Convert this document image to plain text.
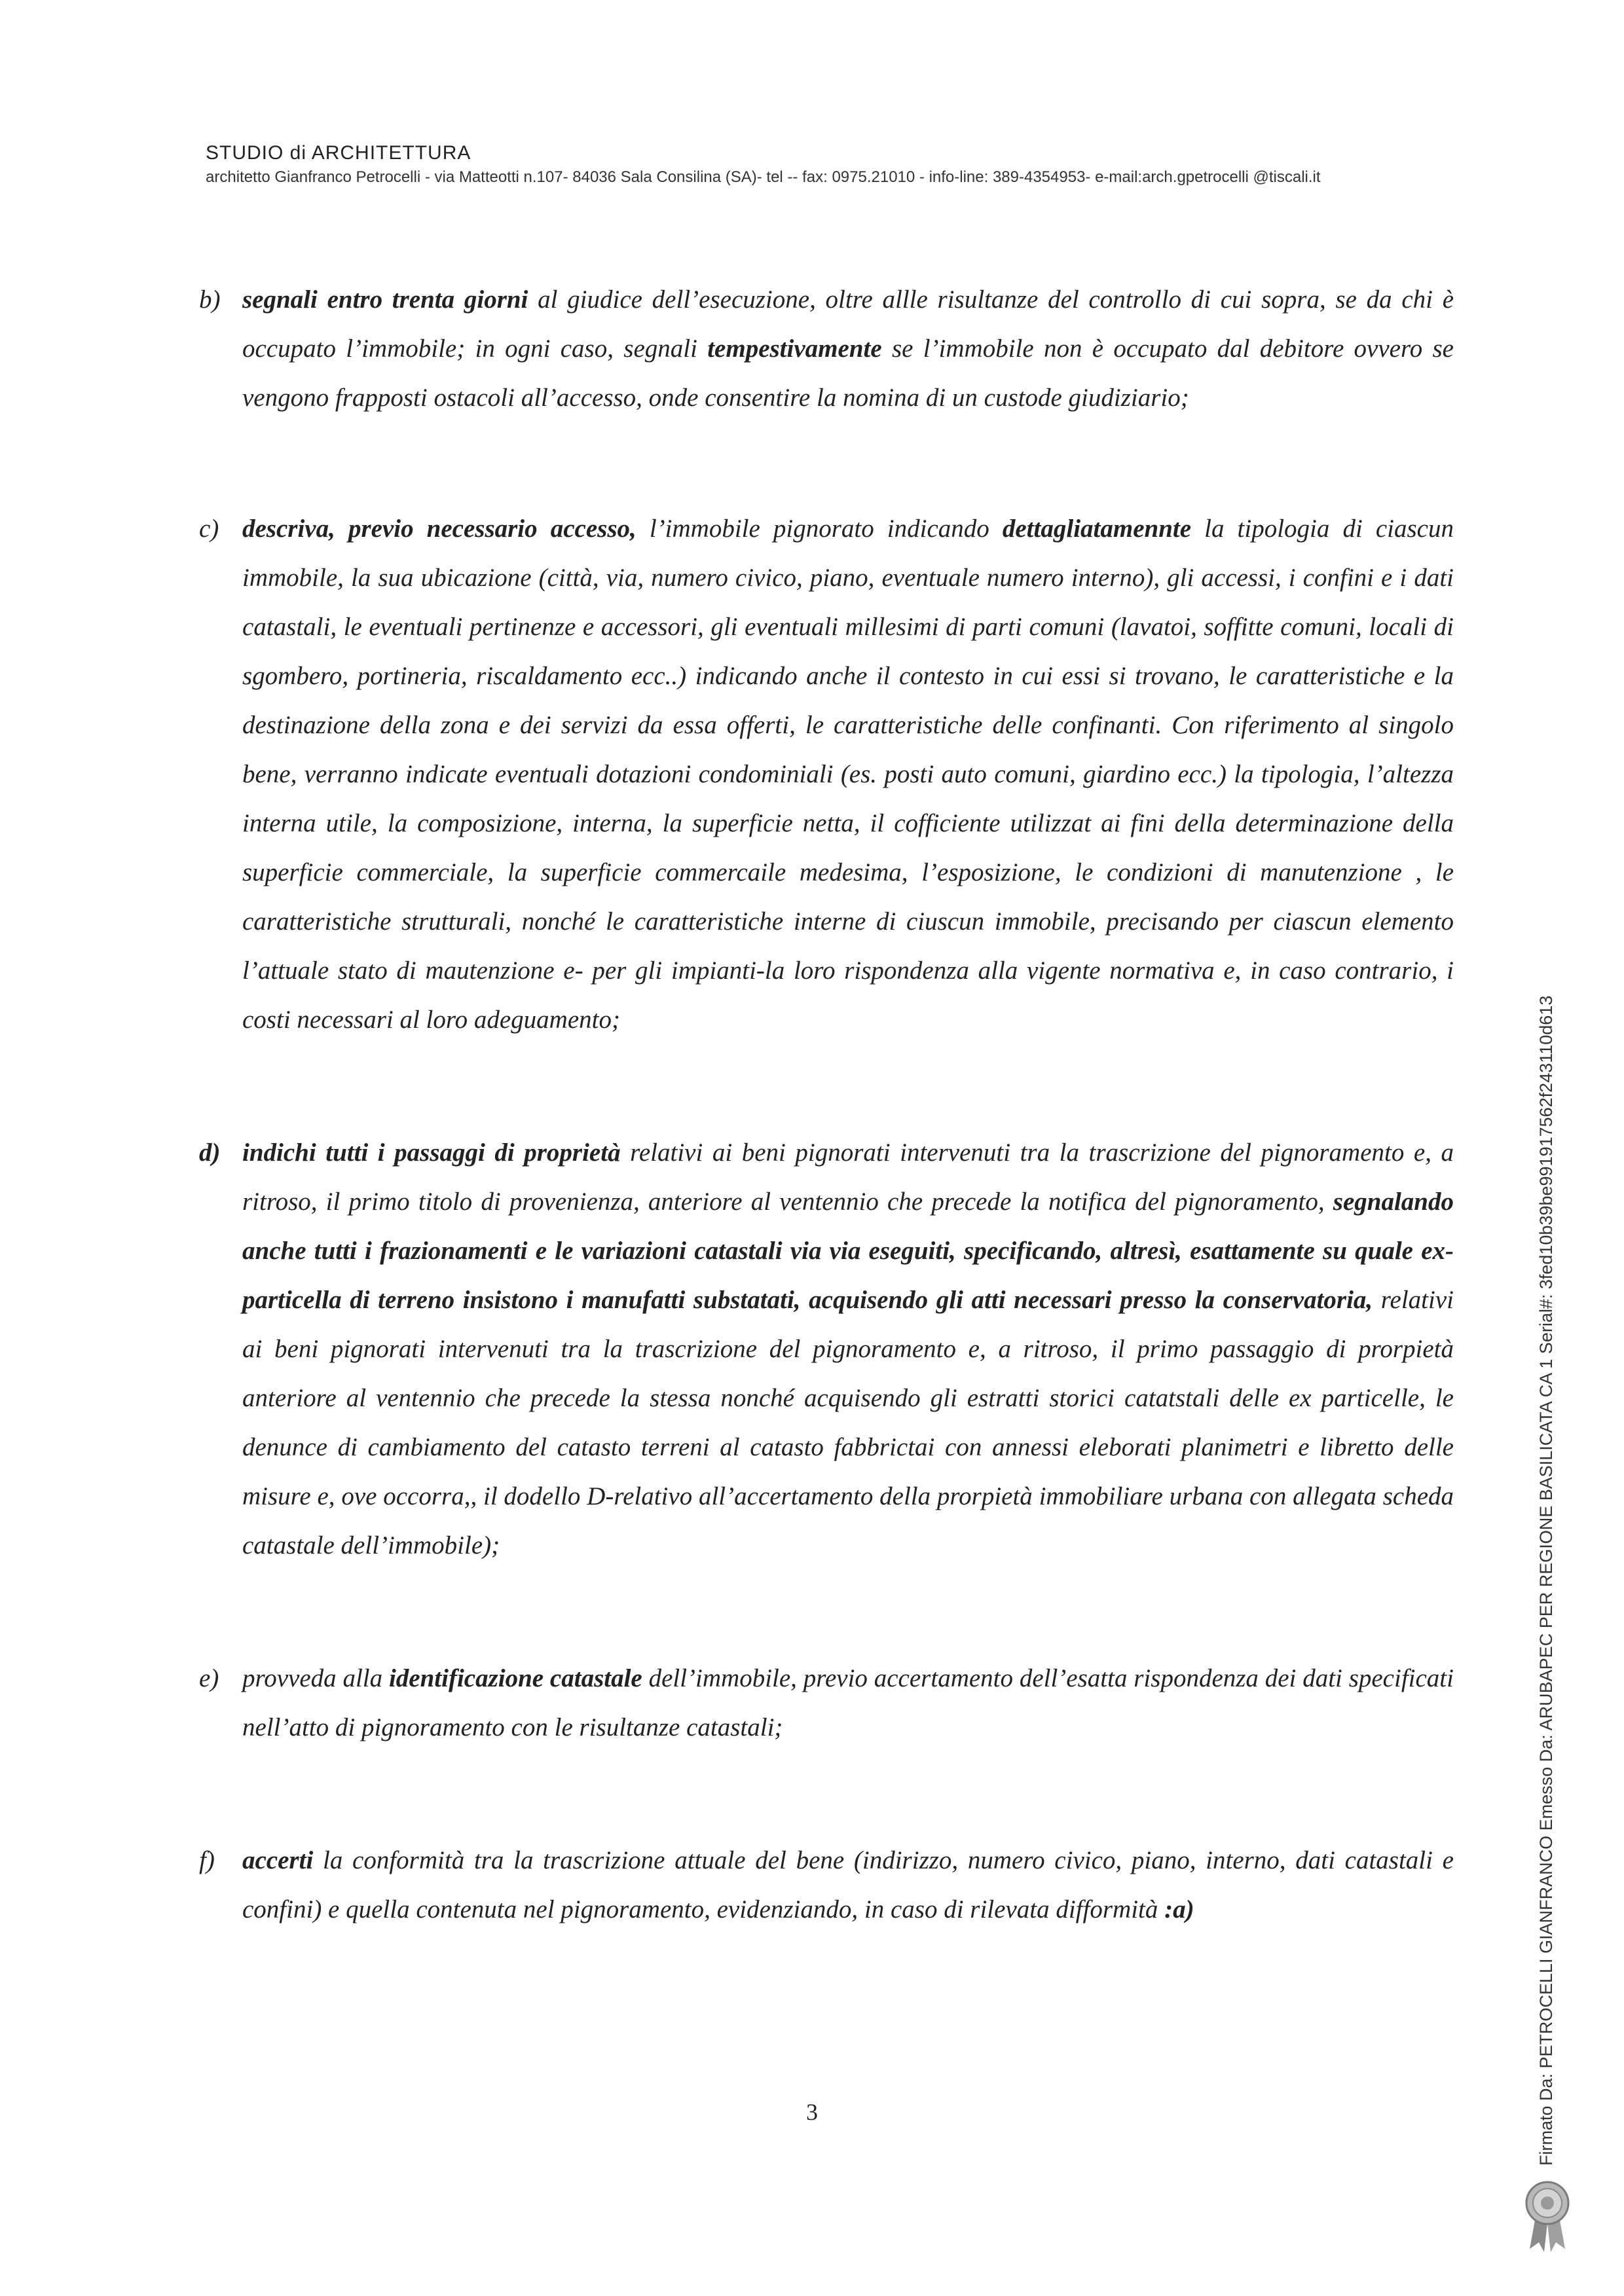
STUDIO di ARCHITETTURA
architetto Gianfranco Petrocelli - via Matteotti n.107- 84036 Sala Consilina (SA)- tel -- fax: 0975.21010 - info-line: 389-4354953- e-mail:arch.gpetrocelli @tiscali.it

b) segnali entro trenta giorni al giudice dell’esecuzione, oltre allle risultanze del controllo di cui sopra, se da chi è occupato l’immobile; in ogni caso, segnali tempestivamente se l’immobile non è occupato dal debitore ovvero se vengono frapposti ostacoli all’accesso, onde consentire la nomina di un custode giudiziario;

c) descriva, previo necessario accesso, l’immobile pignorato indicando dettagliatamennte la tipologia di ciascun immobile, la sua ubicazione (città, via, numero civico, piano, eventuale numero interno), gli accessi, i confini e i dati catastali, le eventuali pertinenze e accessori, gli eventuali millesimi di parti comuni (lavatoi, soffitte comuni, locali di sgombero, portineria, riscaldamento ecc..) indicando anche il contesto in cui essi si trovano, le caratteristiche e la destinazione della zona e dei servizi da essa offerti, le caratteristiche delle confinanti. Con riferimento al singolo bene, verranno indicate eventuali dotazioni condominiali (es. posti auto comuni, giardino ecc.) la tipologia, l’altezza interna utile, la composizione, interna, la superficie netta, il cofficiente utilizzat ai fini della determinazione della superficie commerciale, la superficie commercaile medesima, l’esposizione, le condizioni di manutenzione , le caratteristiche strutturali, nonché le caratteristiche interne di ciuscun immobile, precisando per ciascun elemento l’attuale stato di mautenzione e- per gli impianti-la loro rispondenza alla vigente normativa e, in caso contrario, i costi necessari al loro adeguamento;

d) indichi tutti i passaggi di proprietà relativi ai beni pignorati intervenuti tra la trascrizione del pignoramento e, a ritroso, il primo titolo di provenienza, anteriore al ventennio che precede la notifica del pignoramento, segnalando anche tutti i frazionamenti e le variazioni catastali via via eseguiti, specificando, altresì, esattamente su quale ex-particella di terreno insistono i manufatti substatati, acquisendo gli atti necessari presso la conservatoria, relativi ai beni pignorati intervenuti tra la trascrizione del pignoramento e, a ritroso, il primo passaggio di prorpietà anteriore al ventennio che precede la stessa nonché acquisendo gli estratti storici catatstali delle ex particelle, le denunce di cambiamento del catasto terreni al catasto fabbrictai con annessi eleborati planimetri e libretto delle misure e, ove occorra,, il dodello D-relativo all’accertamento della prorpietà immobiliare urbana con allegata scheda catastale dell’immobile);

e) provveda alla identificazione catastale dell’immobile, previo accertamento dell’esatta rispondenza dei dati specificati nell’atto di pignoramento con le risultanze catastali;

f) accerti la conformità tra la trascrizione attuale del bene (indirizzo, numero civico, piano, interno, dati catastali e confini) e quella contenuta nel pignoramento, evidenziando, in caso di rilevata difformità :a)

3	Firmato Da: PETROCELLI GIANFRANCO Emesso Da: ARUBAPEC PER REGIONE BASILICATA CA 1 Serial#: 3fed10b39be991917562f243110d613
